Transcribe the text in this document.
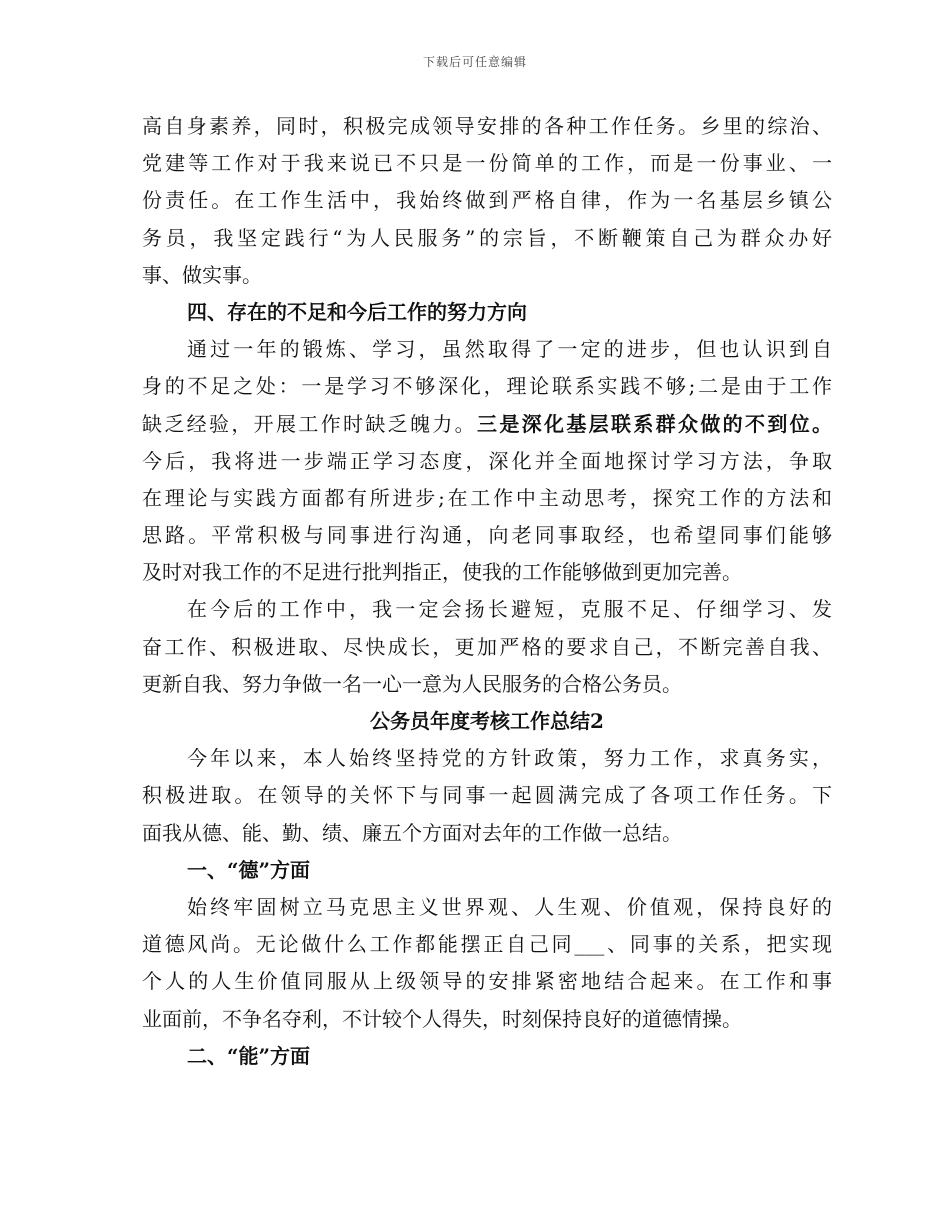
下载后可任意编辑
高自身素养，同时，积极完成领导安排的各种工作任务。乡里的综治、
党建等工作对于我来说已不只是一份简单的工作，而是一份事业、一
份责任。在工作生活中，我始终做到严格自律，作为一名基层乡镇公
务员，我坚定践行“为人民服务”的宗旨，不断鞭策自己为群众办好
事、做实事。
四、存在的不足和今后工作的努力方向
通过一年的锻炼、学习，虽然取得了一定的进步，但也认识到自
身的不足之处：一是学习不够深化，理论联系实践不够;二是由于工作
缺乏经验，开展工作时缺乏魄力。三是深化基层联系群众做的不到位。
今后，我将进一步端正学习态度，深化并全面地探讨学习方法，争取
在理论与实践方面都有所进步;在工作中主动思考，探究工作的方法和
思路。平常积极与同事进行沟通，向老同事取经，也希望同事们能够
及时对我工作的不足进行批判指正，使我的工作能够做到更加完善。
在今后的工作中，我一定会扬长避短，克服不足、仔细学习、发
奋工作、积极进取、尽快成长，更加严格的要求自己，不断完善自我、
更新自我、努力争做一名一心一意为人民服务的合格公务员。
公务员年度考核工作总结2
今年以来，本人始终坚持党的方针政策，努力工作，求真务实，
积极进取。在领导的关怀下与同事一起圆满完成了各项工作任务。下
面我从德、能、勤、绩、廉五个方面对去年的工作做一总结。
一、“德”方面
始终牢固树立马克思主义世界观、人生观、价值观，保持良好的
道德风尚。无论做什么工作都能摆正自己同___、同事的关系，把实现
个人的人生价值同服从上级领导的安排紧密地结合起来。在工作和事
业面前，不争名夺利，不计较个人得失，时刻保持良好的道德情操。
二、“能”方面
